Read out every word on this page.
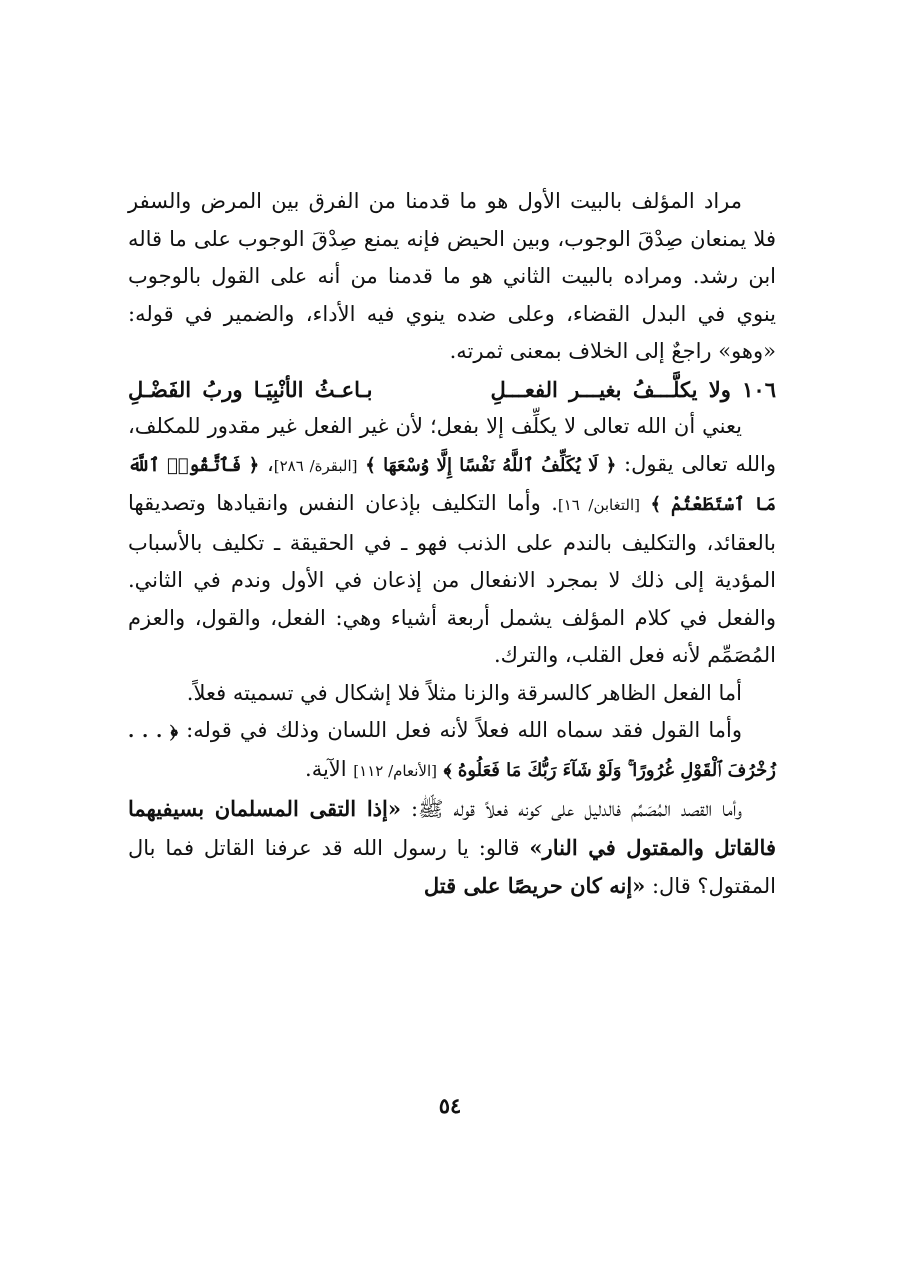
مراد المؤلف بالبيت الأول هو ما قدمنا من الفرق بين المرض والسفر فلا يمنعان صِدْقَ الوجوب، وبين الحيض فإنه يمنع صِدْقَ الوجوب على ما قاله ابن رشد. ومراده بالبيت الثاني هو ما قدمنا من أنه على القول بالوجوب ينوي في البدل القضاء، وعلى ضده ينوي فيه الأداء، والضمير في قوله: «وهو» راجعٌ إلى الخلاف بمعنى ثمرته.

١٠٦ ولا يكلَّـــفُ بغيـــر الفعـــلِ
بـاعـثُ الأنْبِيَـا وربُ الفَضْـلِ

يعني أن الله تعالى لا يكلِّف إلا بفعل؛ لأن غير الفعل غير مقدور للمكلف، والله تعالى يقول: ﴿ لَا يُكَلِّفُ ٱللَّهُ نَفْسًا إِلَّا وُسْعَهَا ﴾ [البقرة/ ٢٨٦]، ﴿ فَٱتَّقُوا۟ ٱللَّهَ مَا ٱسْتَطَعْتُمْ ﴾ [التغابن/ ١٦]. وأما التكليف بإذعان النفس وانقيادها وتصديقها بالعقائد، والتكليف بالندم على الذنب فهو ـ في الحقيقة ـ تكليف بالأسباب المؤدية إلى ذلك لا بمجرد الانفعال من إذعان في الأول وندم في الثاني. والفعل في كلام المؤلف يشمل أربعة أشياء وهي: الفعل، والقول، والعزم المُصَمِّم لأنه فعل القلب، والترك.

أما الفعل الظاهر كالسرقة والزنا مثلاً فلا إشكال في تسميته فعلاً.

وأما القول فقد سماه الله فعلاً لأنه فعل اللسان وذلك في قوله: ﴿ . . . زُخْرُفَ ٱلْقَوْلِ غُرُورًا ۚ وَلَوْ شَآءَ رَبُّكَ مَا فَعَلُوهُ ﴾ [الأنعام/ ١١٢] الآية.

وأما القصد المُصَمِّم فالدليل على كونه فعلاً قوله ﷺ: «إذا التقى المسلمان بسيفيهما فالقاتل والمقتول في النار» قالو: يا رسول الله قد عرفنا القاتل فما بال المقتول؟ قال: «إنه كان حريصًا على قتل

٥٤
